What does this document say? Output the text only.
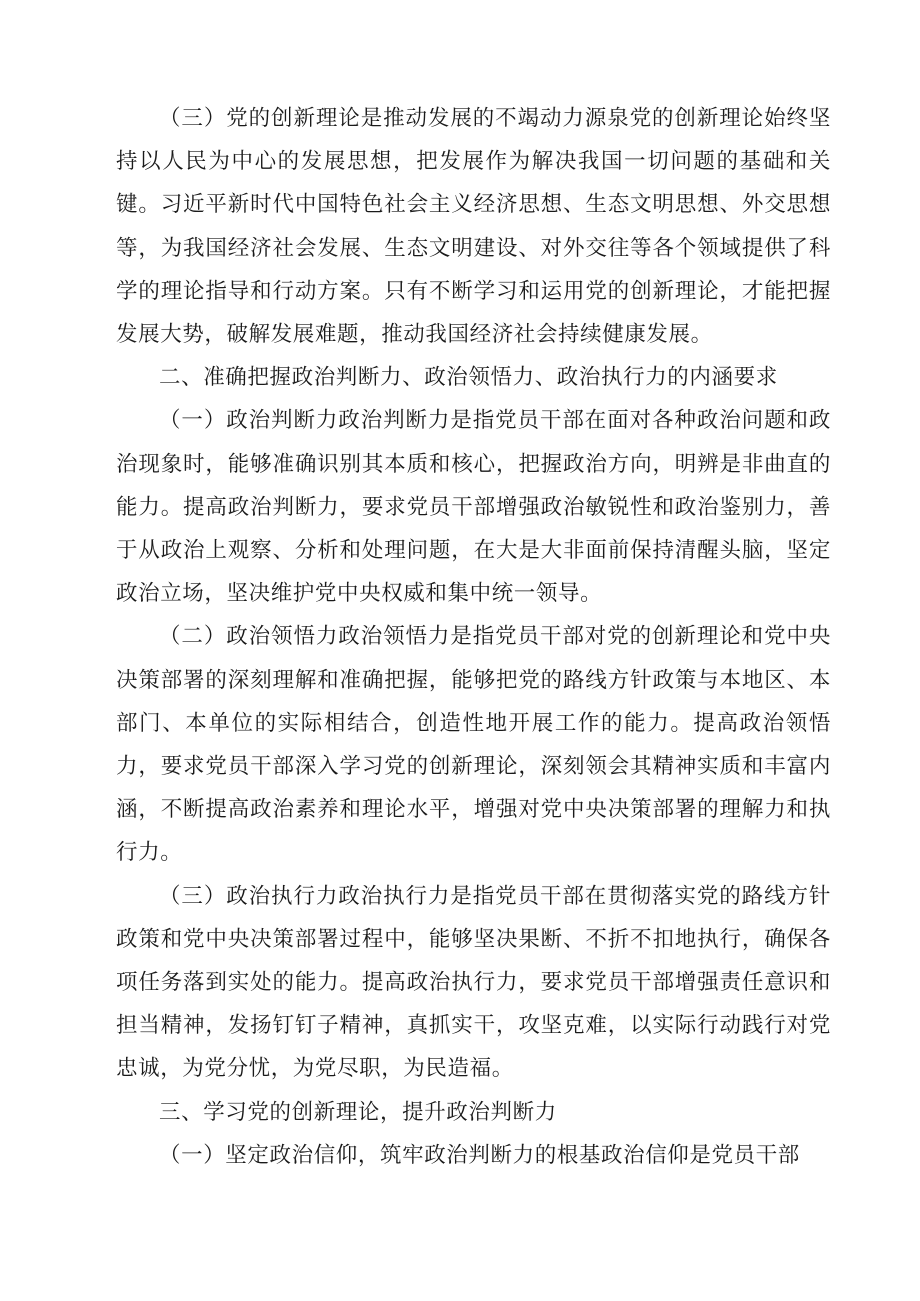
（三）党的创新理论是推动发展的不竭动力源泉党的创新理论始终坚持以人民为中心的发展思想，把发展作为解决我国一切问题的基础和关键。习近平新时代中国特色社会主义经济思想、生态文明思想、外交思想等，为我国经济社会发展、生态文明建设、对外交往等各个领域提供了科学的理论指导和行动方案。只有不断学习和运用党的创新理论，才能把握发展大势，破解发展难题，推动我国经济社会持续健康发展。

二、准确把握政治判断力、政治领悟力、政治执行力的内涵要求

（一）政治判断力政治判断力是指党员干部在面对各种政治问题和政治现象时，能够准确识别其本质和核心，把握政治方向，明辨是非曲直的能力。提高政治判断力，要求党员干部增强政治敏锐性和政治鉴别力，善于从政治上观察、分析和处理问题，在大是大非面前保持清醒头脑，坚定政治立场，坚决维护党中央权威和集中统一领导。

（二）政治领悟力政治领悟力是指党员干部对党的创新理论和党中央决策部署的深刻理解和准确把握，能够把党的路线方针政策与本地区、本部门、本单位的实际相结合，创造性地开展工作的能力。提高政治领悟力，要求党员干部深入学习党的创新理论，深刻领会其精神实质和丰富内涵，不断提高政治素养和理论水平，增强对党中央决策部署的理解力和执行力。

（三）政治执行力政治执行力是指党员干部在贯彻落实党的路线方针政策和党中央决策部署过程中，能够坚决果断、不折不扣地执行，确保各项任务落到实处的能力。提高政治执行力，要求党员干部增强责任意识和担当精神，发扬钉钉子精神，真抓实干，攻坚克难，以实际行动践行对党忠诚，为党分忧，为党尽职，为民造福。

三、学习党的创新理论，提升政治判断力

（一）坚定政治信仰，筑牢政治判断力的根基政治信仰是党员干部
